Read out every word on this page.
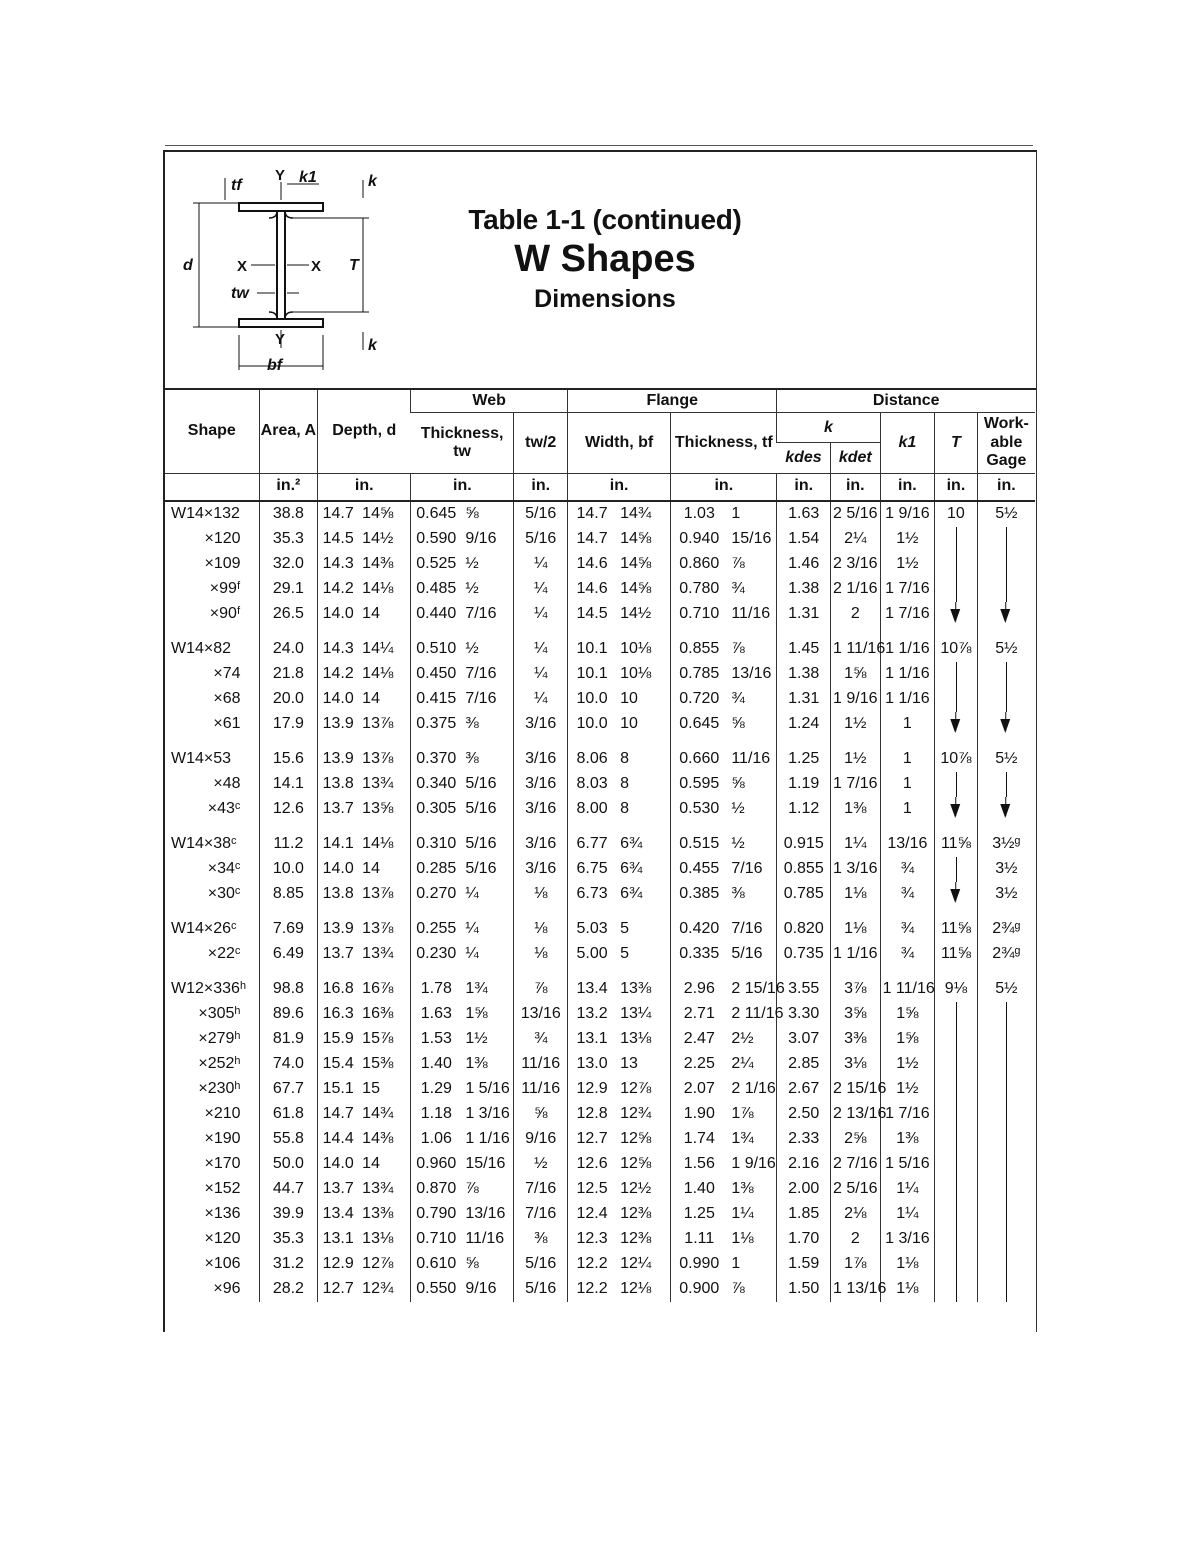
tf	k1	k
k
d	T
tw
bf
Y
Y
X	X
Table 1-1 (continued)
W Shapes
Dimensions
Shape	Area, A	Depth, d		Web			Flange				Distance				
				Thickness, tw		tw/2	Width, bf		Thickness, tf		k		k1	T	Work- able Gage
											kdes	kdet			
	in.²	in.		in.		in.	in.		in.		in.	in.	in.	in.	in.
W14×132	38.8	14.7	14⅝	0.645	⅝	5/16	14.7	14¾	1.03	1	1.63	2 5/16	1 9/16	10	5½
×120	35.3	14.5	14½	0.590	9/16	5/16	14.7	14⅝	0.940	15/16	1.54	2¼	1½	

×109	32.0	14.3	14⅜	0.525	½	¼	14.6	14⅝	0.860	⅞	1.46	2 3/16	1½	

×99ᶠ	29.1	14.2	14⅛	0.485	½	¼	14.6	14⅝	0.780	¾	1.38	2 1/16	1 7/16	

×90ᶠ	26.5	14.0	14	0.440	7/16	¼	14.5	14½	0.710	11/16	1.31	2	1 7/16	

W14×82	24.0	14.3	14¼	0.510	½	¼	10.1	10⅛	0.855	⅞	1.45	1 11/16	1 1/16	10⅞	5½
×74	21.8	14.2	14⅛	0.450	7/16	¼	10.1	10⅛	0.785	13/16	1.38	1⅝	1 1/16	

×68	20.0	14.0	14	0.415	7/16	¼	10.0	10	0.720	¾	1.31	1 9/16	1 1/16	

×61	17.9	13.9	13⅞	0.375	⅜	3/16	10.0	10	0.645	⅝	1.24	1½	1	

W14×53	15.6	13.9	13⅞	0.370	⅜	3/16	8.06	8	0.660	11/16	1.25	1½	1	10⅞	5½
×48	14.1	13.8	13¾	0.340	5/16	3/16	8.03	8	0.595	⅝	1.19	1 7/16	1	

×43ᶜ	12.6	13.7	13⅝	0.305	5/16	3/16	8.00	8	0.530	½	1.12	1⅜	1	

W14×38ᶜ	11.2	14.1	14⅛	0.310	5/16	3/16	6.77	6¾	0.515	½	0.915	1¼	13/16	11⅝	3½ᵍ
×34ᶜ	10.0	14.0	14	0.285	5/16	3/16	6.75	6¾	0.455	7/16	0.855	1 3/16	¾		3½
×30ᶜ	8.85	13.8	13⅞	0.270	¼	⅛	6.73	6¾	0.385	⅜	0.785	1⅛	¾		3½

W14×26ᶜ	7.69	13.9	13⅞	0.255	¼	⅛	5.03	5	0.420	7/16	0.820	1⅛	¾	11⅝	2¾ᵍ
×22ᶜ	6.49	13.7	13¾	0.230	¼	⅛	5.00	5	0.335	5/16	0.735	1 1/16	¾	11⅝	2¾ᵍ

W12×336ʰ	98.8	16.8	16⅞	1.78	1¾	⅞	13.4	13⅜	2.96	2 15/16	3.55	3⅞	1 11/16	9⅛	5½
×305ʰ	89.6	16.3	16⅜	1.63	1⅝	13/16	13.2	13¼	2.71	2 11/16	3.30	3⅝	1⅝	

×279ʰ	81.9	15.9	15⅞	1.53	1½	¾	13.1	13⅛	2.47	2½	3.07	3⅜	1⅝	

×252ʰ	74.0	15.4	15⅜	1.40	1⅜	11/16	13.0	13	2.25	2¼	2.85	3⅛	1½	

×230ʰ	67.7	15.1	15	1.29	1 5/16	11/16	12.9	12⅞	2.07	2 1/16	2.67	2 15/16	1½	

×210	61.8	14.7	14¾	1.18	1 3/16	⅝	12.8	12¾	1.90	1⅞	2.50	2 13/16	1 7/16	

×190	55.8	14.4	14⅜	1.06	1 1/16	9/16	12.7	12⅝	1.74	1¾	2.33	2⅝	1⅜	

×170	50.0	14.0	14	0.960	15/16	½	12.6	12⅝	1.56	1 9/16	2.16	2 7/16	1 5/16	

×152	44.7	13.7	13¾	0.870	⅞	7/16	12.5	12½	1.40	1⅜	2.00	2 5/16	1¼	

×136	39.9	13.4	13⅜	0.790	13/16	7/16	12.4	12⅜	1.25	1¼	1.85	2⅛	1¼	

×120	35.3	13.1	13⅛	0.710	11/16	⅜	12.3	12⅜	1.11	1⅛	1.70	2	1 3/16	

×106	31.2	12.9	12⅞	0.610	⅝	5/16	12.2	12¼	0.990	1	1.59	1⅞	1⅛	

×96	28.2	12.7	12¾	0.550	9/16	5/16	12.2	12⅛	0.900	⅞	1.50	1 13/16	1⅛	
